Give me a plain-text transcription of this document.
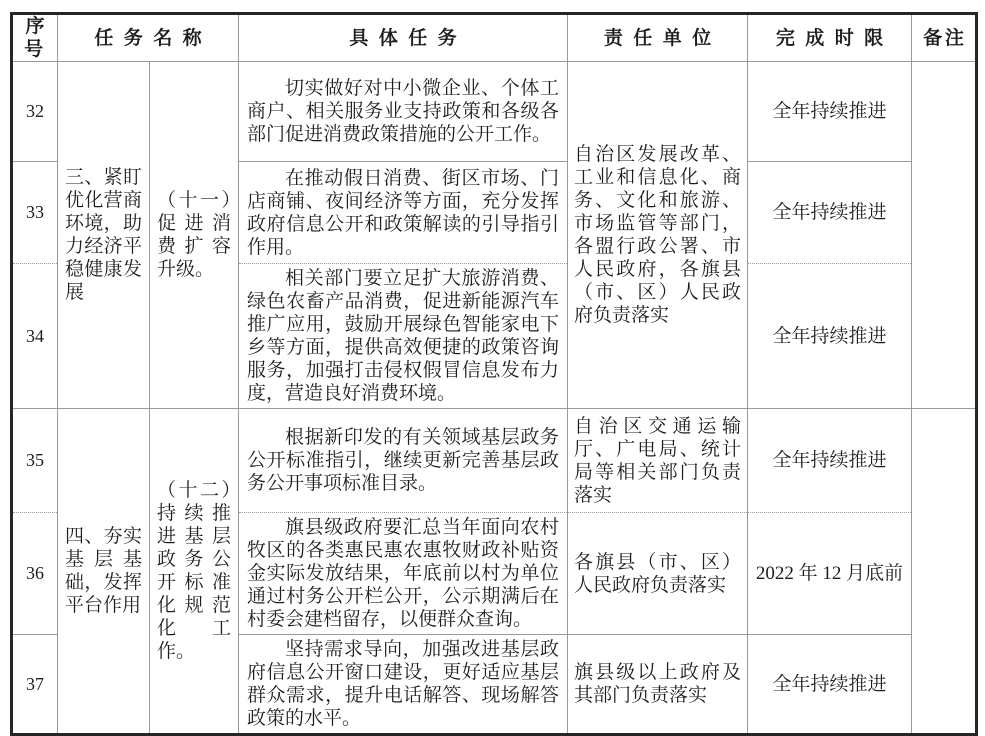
序号	任务名称		具体任务	责任单位	完成时限	备注
32	三、紧盯优化营商环境，助力经济平稳健康发展	（十一）促进消费扩容升级。	切实做好对中小微企业、个体工商户、相关服务业支持政策和各级各部门促进消费政策措施的公开工作。	自治区发展改革、工业和信息化、商务、文化和旅游、市场监管等部门，各盟行政公署、市人民政府，各旗县（市、区）人民政府负责落实	全年持续推进	
33			在推动假日消费、街区市场、门店商铺、夜间经济等方面，充分发挥政府信息公开和政策解读的引导指引作用。		全年持续推进	
34			相关部门要立足扩大旅游消费、绿色农畜产品消费，促进新能源汽车推广应用，鼓励开展绿色智能家电下乡等方面，提供高效便捷的政策咨询服务，加强打击侵权假冒信息发布力度，营造良好消费环境。		全年持续推进	
35	四、夯实基层基础，发挥平台作用	（十二）持续推进基层政务公开标准化规范化工作。	根据新印发的有关领域基层政务公开标准指引，继续更新完善基层政务公开事项标准目录。	自治区交通运输厅、广电局、统计局等相关部门负责落实	全年持续推进	
36			旗县级政府要汇总当年面向农村牧区的各类惠民惠农惠牧财政补贴资金实际发放结果，年底前以村为单位通过村务公开栏公开，公示期满后在村委会建档留存，以便群众查询。	各旗县（市、区）人民政府负责落实	2022 年 12 月底前	
37			坚持需求导向，加强改进基层政府信息公开窗口建设，更好适应基层群众需求，提升电话解答、现场解答政策的水平。	旗县级以上政府及其部门负责落实	全年持续推进	
